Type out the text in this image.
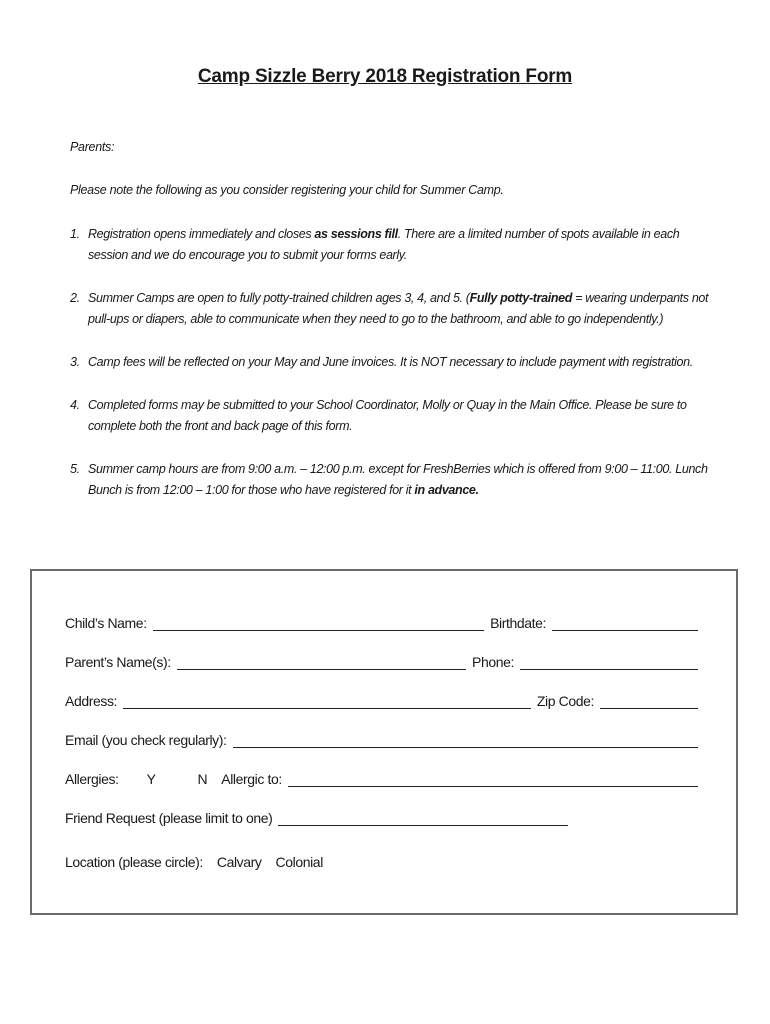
Camp Sizzle Berry 2018 Registration Form
Parents:
Please note the following as you consider registering your child for Summer Camp.
1. Registration opens immediately and closes as sessions fill. There are a limited number of spots available in each session and we do encourage you to submit your forms early.
2. Summer Camps are open to fully potty-trained children ages 3, 4, and 5. (Fully potty-trained = wearing underpants not pull-ups or diapers, able to communicate when they need to go to the bathroom, and able to go independently.)
3. Camp fees will be reflected on your May and June invoices. It is NOT necessary to include payment with registration.
4. Completed forms may be submitted to your School Coordinator, Molly or Quay in the Main Office. Please be sure to complete both the front and back page of this form.
5. Summer camp hours are from 9:00 a.m. – 12:00 p.m. except for FreshBerries which is offered from 9:00 – 11:00. Lunch Bunch is from 12:00 – 1:00 for those who have registered for it in advance.
Child’s Name:	Birthdate:
Parent’s Name(s):	Phone:
Address:	Zip Code:
Email (you check regularly):
Allergies: Y	N Allergic to:
Friend Request (please limit to one)
Location (please circle): Calvary Colonial
